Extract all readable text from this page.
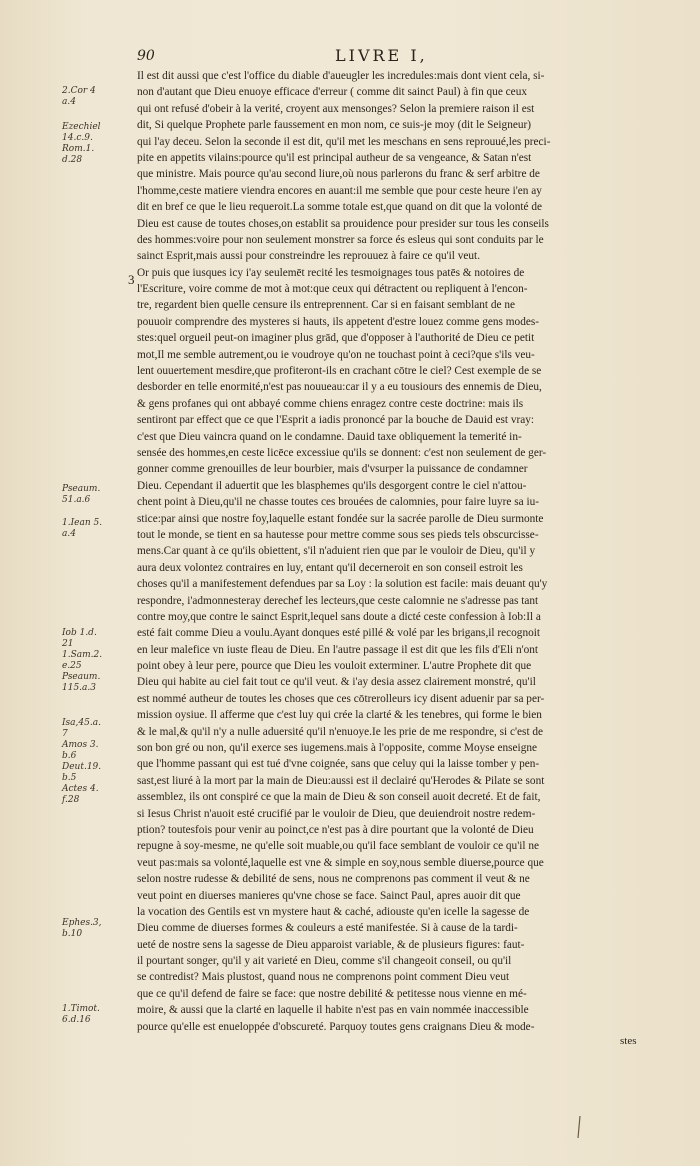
90	LIVRE I,
2.Cor 4
a.4
Ezechiel
14.c.9.
Rom.1.
d.28
Pseaum.
51.a.6
1.Iean 5.
a.4
Iob 1.d.
21
1.Sam.2.
e.25
Pseaum.
115.a.3
Isa,45.a.
7
Amos 3.
b.6
Deut.19.
b.5
Actes 4.
f.28
Ephes.3,
b.10
1.Timot.
6.d.16
3
Il est dit aussi que c'est l'office du diable d'aueugler les incredules:mais dont vient cela, si-
non d'autant que Dieu enuoye efficace d'erreur ( comme dit sainct Paul) à fin que ceux
qui ont refusé d'obeir à la verité, croyent aux mensonges? Selon la premiere raison il est
dit, Si quelque Prophete parle faussement en mon nom, ce suis-je moy (dit le Seigneur)
qui l'ay deceu. Selon la seconde il est dit, qu'il met les meschans en sens reprouué,les preci-
pite en appetits vilains:pource qu'il est principal autheur de sa vengeance, & Satan n'est
que ministre. Mais pource qu'au second liure,où nous parlerons du franc & serf arbitre de
l'homme,ceste matiere viendra encores en auant:il me semble que pour ceste heure i'en ay
dit en bref ce que le lieu requeroit.La somme totale est,que quand on dit que la volonté de
Dieu est cause de toutes choses,on establit sa prouidence pour presider sur tous les conseils
des hommes:voire pour non seulement monstrer sa force és esleus qui sont conduits par le
sainct Esprit,mais aussi pour constreindre les reprouuez à faire ce qu'il veut.
Or puis que iusques icy i'ay seulemēt recité les tesmoignages tous patēs & notoires de
l'Escriture, voire comme de mot à mot:que ceux qui détractent ou repliquent à l'encon-
tre, regardent bien quelle censure ils entreprennent. Car si en faisant semblant de ne
pouuoir comprendre des mysteres si hauts, ils appetent d'estre louez comme gens modes-
stes:quel orgueil peut-on imaginer plus grād, que d'opposer à l'authorité de Dieu ce petit
mot,Il me semble autrement,ou ie voudroye qu'on ne touchast point à ceci?que s'ils veu-
lent ouuertement mesdire,que profiteront-ils en crachant cōtre le ciel? Cest exemple de se
desborder en telle enormité,n'est pas nouueau:car il y a eu tousiours des ennemis de Dieu,
& gens profanes qui ont abbayé comme chiens enragez contre ceste doctrine: mais ils
sentiront par effect que ce que l'Esprit a iadis prononcé par la bouche de Dauid est vray:
c'est que Dieu vaincra quand on le condamne. Dauid taxe obliquement la temerité in-
sensée des hommes,en ceste licēce excessiue qu'ils se donnent: c'est non seulement de ger-
gonner comme grenouilles de leur bourbier, mais d'vsurper la puissance de condamner
Dieu. Cependant il aduertit que les blasphemes qu'ils desgorgent contre le ciel n'attou-
chent point à Dieu,qu'il ne chasse toutes ces brouées de calomnies, pour faire luyre sa iu-
stice:par ainsi que nostre foy,laquelle estant fondée sur la sacrée parolle de Dieu surmonte
tout le monde, se tient en sa hautesse pour mettre comme sous ses pieds tels obscurcisse-
mens.Car quant à ce qu'ils obiettent, s'il n'aduient rien que par le vouloir de Dieu, qu'il y
aura deux volontez contraires en luy, entant qu'il decerneroit en son conseil estroit les
choses qu'il a manifestement defendues par sa Loy : la solution est facile: mais deuant qu'y
respondre, i'admonnesteray derechef les lecteurs,que ceste calomnie ne s'adresse pas tant
contre moy,que contre le sainct Esprit,lequel sans doute a dicté ceste confession à Iob:Il a
esté fait comme Dieu a voulu.Ayant donques esté pillé & volé par les brigans,il recognoit
en leur malefice vn iuste fleau de Dieu. En l'autre passage il est dit que les fils d'Eli n'ont
point obey à leur pere, pource que Dieu les vouloit exterminer. L'autre Prophete dit que
Dieu qui habite au ciel fait tout ce qu'il veut. & i'ay desia assez clairement monstré, qu'il
est nommé autheur de toutes les choses que ces cōtrerolleurs icy disent aduenir par sa per-
mission oysiue. Il afferme que c'est luy qui crée la clarté & les tenebres, qui forme le bien
& le mal,& qu'il n'y a nulle aduersité qu'il n'enuoye.Ie les prie de me respondre, si c'est de
son bon gré ou non, qu'il exerce ses iugemens.mais à l'opposite, comme Moyse enseigne
que l'homme passant qui est tué d'vne coignée, sans que celuy qui la laisse tomber y pen-
sast,est liuré à la mort par la main de Dieu:aussi est il declairé qu'Herodes & Pilate se sont
assemblez, ils ont conspiré ce que la main de Dieu & son conseil auoit decreté. Et de fait,
si Iesus Christ n'auoit esté crucifié par le vouloir de Dieu, que deuiendroit nostre redem-
ption? toutesfois pour venir au poinct,ce n'est pas à dire pourtant que la volonté de Dieu
repugne à soy-mesme, ne qu'elle soit muable,ou qu'il face semblant de vouloir ce qu'il ne
veut pas:mais sa volonté,laquelle est vne & simple en soy,nous semble diuerse,pource que
selon nostre rudesse & debilité de sens, nous ne comprenons pas comment il veut & ne
veut point en diuerses manieres qu'vne chose se face. Sainct Paul, apres auoir dit que
la vocation des Gentils est vn mystere haut & caché, adiouste qu'en icelle la sagesse de
Dieu comme de diuerses formes & couleurs a esté manifestée. Si à cause de la tardi-
ueté de nostre sens la sagesse de Dieu apparoist variable, & de plusieurs figures: faut-
il pourtant songer, qu'il y ait varieté en Dieu, comme s'il changeoit conseil, ou qu'il
se contredist? Mais plustost, quand nous ne comprenons point comment Dieu veut
que ce qu'il defend de faire se face: que nostre debilité & petitesse nous vienne en mé-
moire, & aussi que la clarté en laquelle il habite n'est pas en vain nommée inaccessible
pource qu'elle est enueloppée d'obscureté. Parquoy toutes gens craignans Dieu & mode-
stes
